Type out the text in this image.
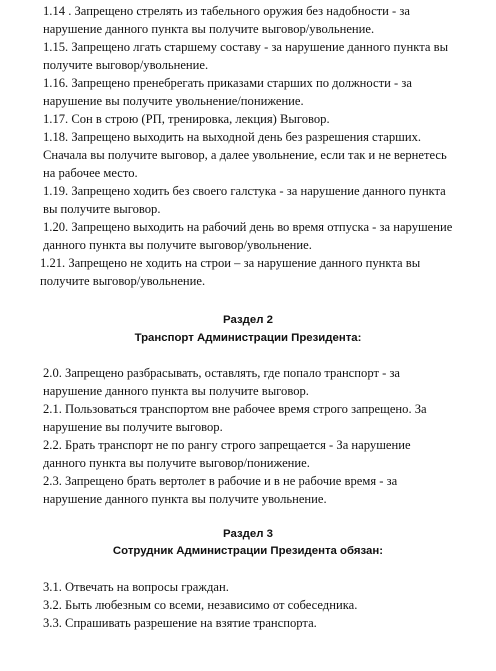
1.14 . Запрещено стрелять из табельного оружия без надобности - за нарушение данного пункта вы получите выговор/увольнение.

1.15. Запрещено лгать старшему составу - за нарушение данного пункта вы получите выговор/увольнение.

1.16. Запрещено пренебрегать приказами старших по должности - за нарушение вы получите увольнение/понижение.

1.17. Сон в строю (РП, тренировка, лекция) Выговор.

1.18. Запрещено выходить на выходной день без разрешения старших. Сначала вы получите выговор, а далее увольнение, если так и не вернетесь на рабочее место.

1.19. Запрещено ходить без своего галстука - за нарушение данного пункта вы получите выговор.

1.20. Запрещено выходить на рабочий день во время отпуска - за нарушение данного пункта вы получите выговор/увольнение.

1.21. Запрещено не ходить на строи – за нарушение данного пункта вы получите выговор/увольнение.

Раздел 2

Транспорт Администрации Президента:

2.0. Запрещено разбрасывать, оставлять, где попало транспорт - за нарушение данного пункта вы получите выговор.

2.1. Пользоваться транспортом вне рабочее время строго запрещено. За нарушение вы получите выговор.

2.2. Брать транспорт не по рангу строго запрещается - За нарушение данного пункта вы получите выговор/понижение.

2.3. Запрещено брать вертолет в рабочие и в не рабочие время - за нарушение данного пункта вы получите увольнение.

Раздел 3

Сотрудник Администрации Президента обязан:

3.1. Отвечать на вопросы граждан.

3.2. Быть любезным со всеми, независимо от собеседника.

3.3. Спрашивать разрешение на взятие транспорта.
